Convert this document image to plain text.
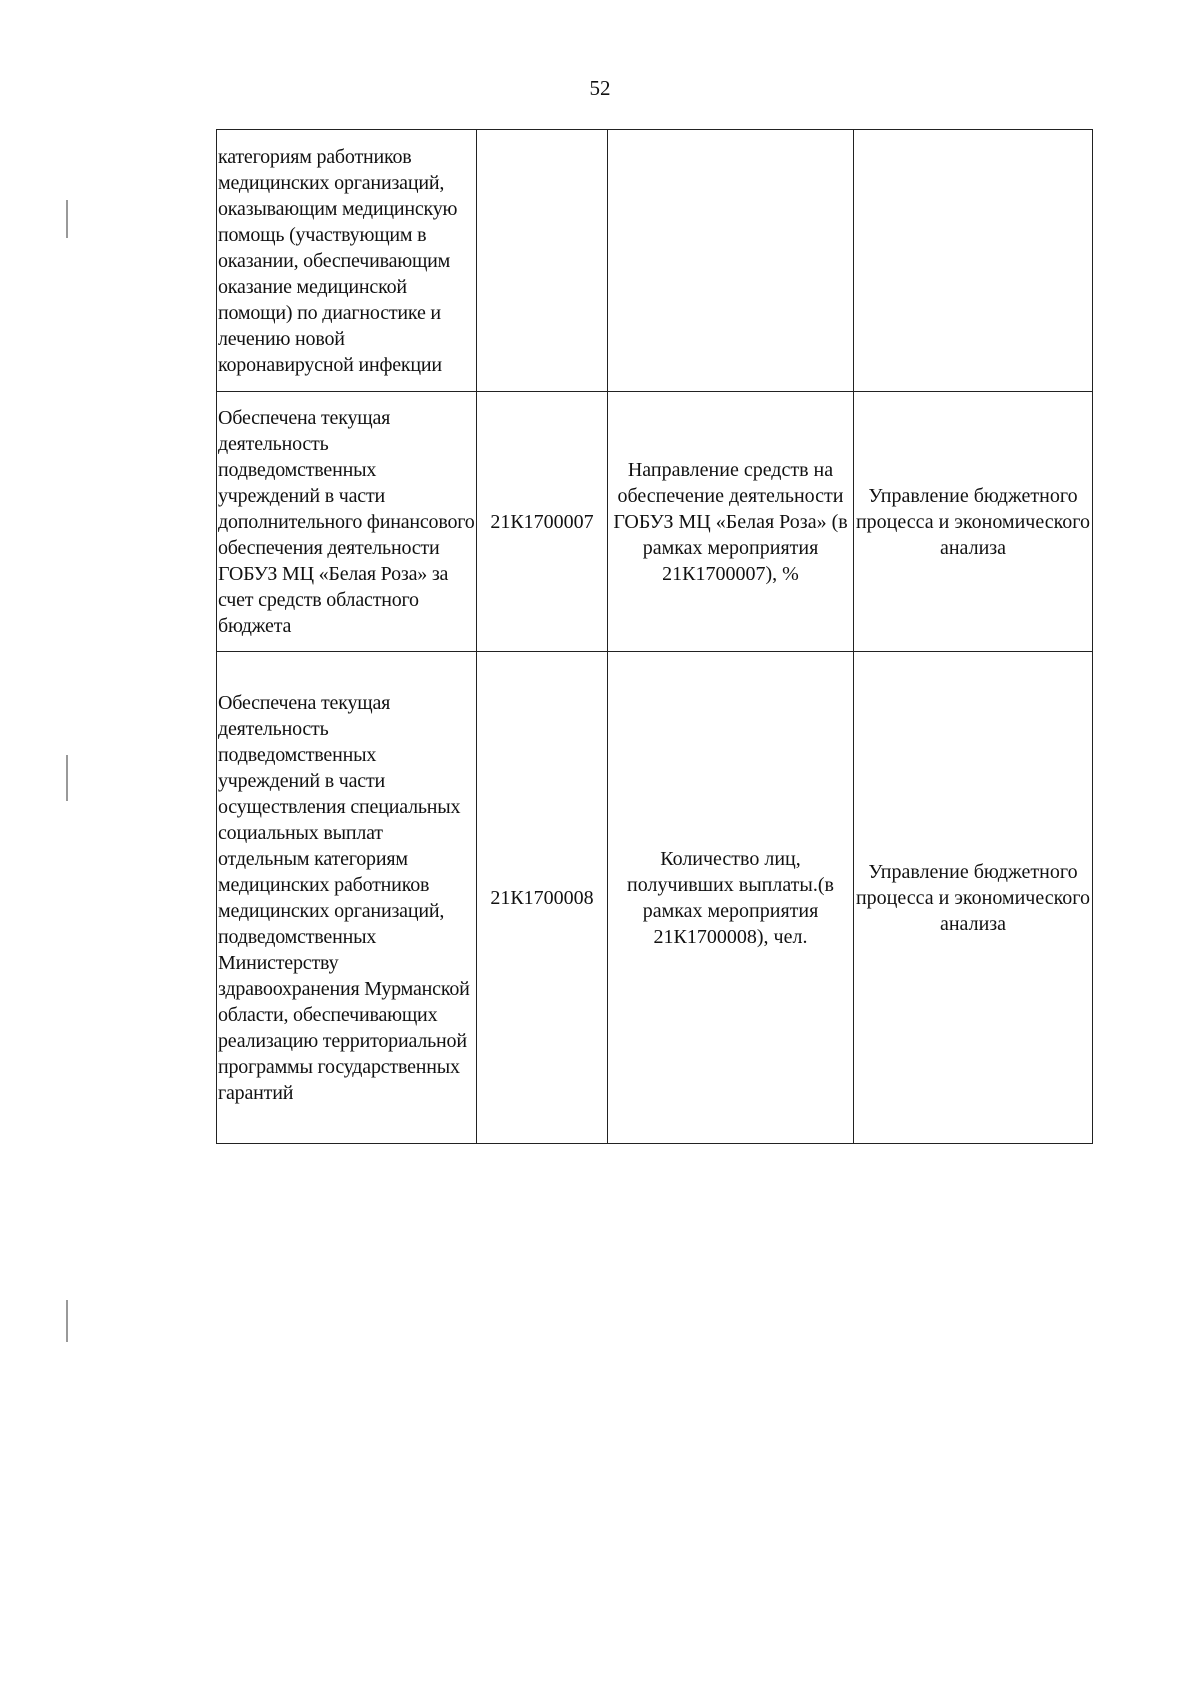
52
категориям работников медицинских организаций, оказывающим медицинскую помощь (участвующим в оказании, обеспечивающим оказание медицинской помощи) по диагностике и лечению новой коронавирусной инфекции			
Обеспечена текущая деятельность подведомственных учреждений в части дополнительного финансового обеспечения деятельности ГОБУЗ МЦ «Белая Роза» за счет средств областного бюджета	21К1700007	Направление средств на обеспечение деятельности ГОБУЗ МЦ «Белая Роза» (в рамках мероприятия 21К1700007), %	Управление бюджетного процесса и экономического анализа
Обеспечена текущая деятельность подведомственных учреждений в части осуществления специальных социальных выплат отдельным категориям медицинских работников медицинских организаций, подведомственных Министерству здравоохранения Мурманской области, обеспечивающих реализацию территориальной программы государственных гарантий	21К1700008	Количество лиц, получивших выплаты.(в рамках мероприятия 21К1700008), чел.	Управление бюджетного процесса и экономического анализа
